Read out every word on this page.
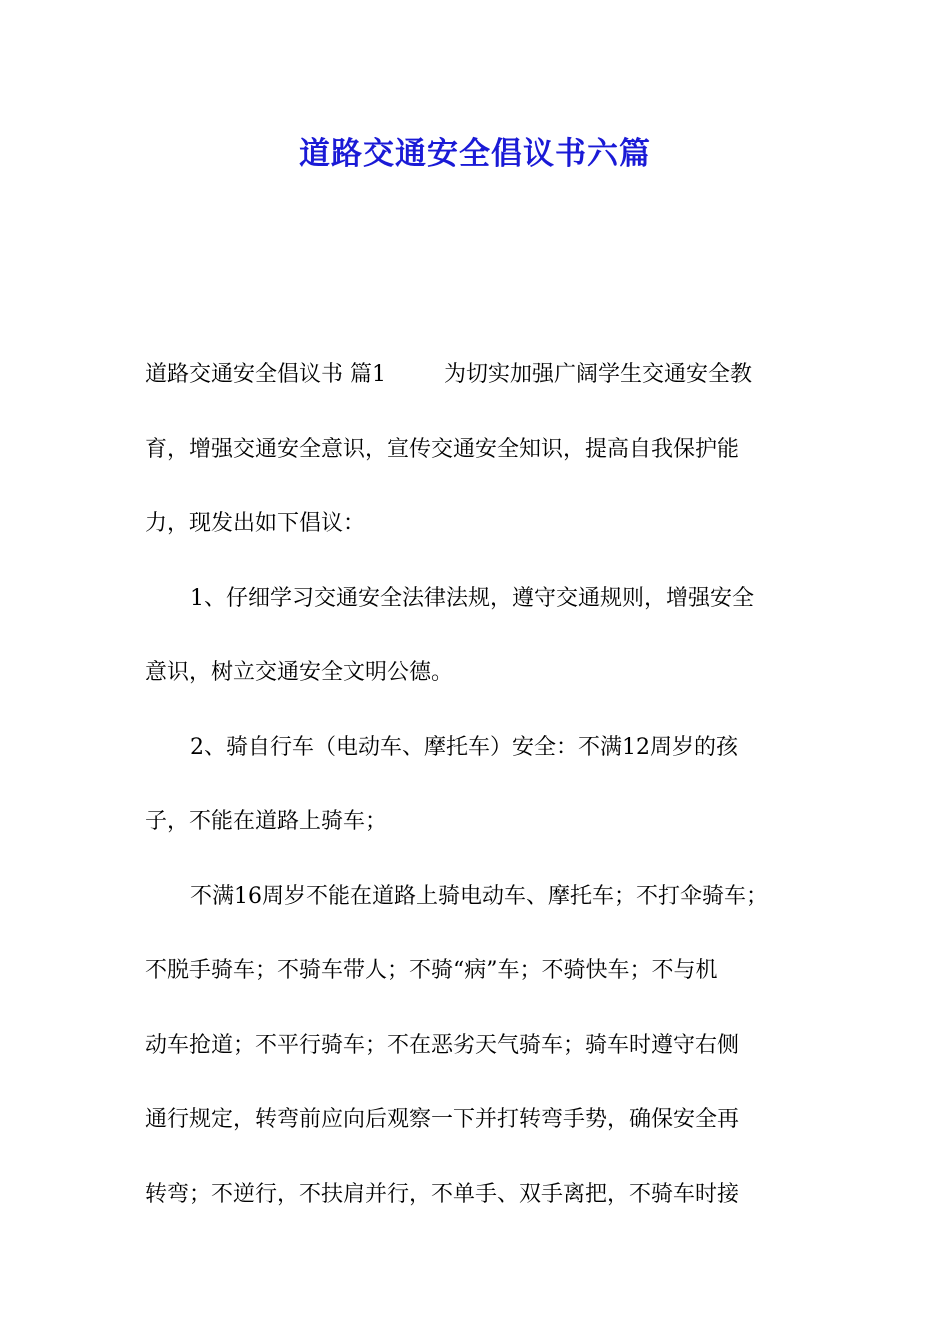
道路交通安全倡议书六篇
道路交通安全倡议书 篇1	为切实加强广阔学生交通安全教
育，增强交通安全意识，宣传交通安全知识，提高自我保护能
力，现发出如下倡议：
1、仔细学习交通安全法律法规，遵守交通规则，增强安全
意识，树立交通安全文明公德。
2、骑自行车（电动车、摩托车）安全：不满12周岁的孩
子，不能在道路上骑车；
不满16周岁不能在道路上骑电动车、摩托车；不打伞骑车；
不脱手骑车；不骑车带人；不骑“病”车；不骑快车；不与机
动车抢道；不平行骑车；不在恶劣天气骑车；骑车时遵守右侧
通行规定，转弯前应向后观察一下并打转弯手势，确保安全再
转弯；不逆行，不扶肩并行，不单手、双手离把，不骑车时接
